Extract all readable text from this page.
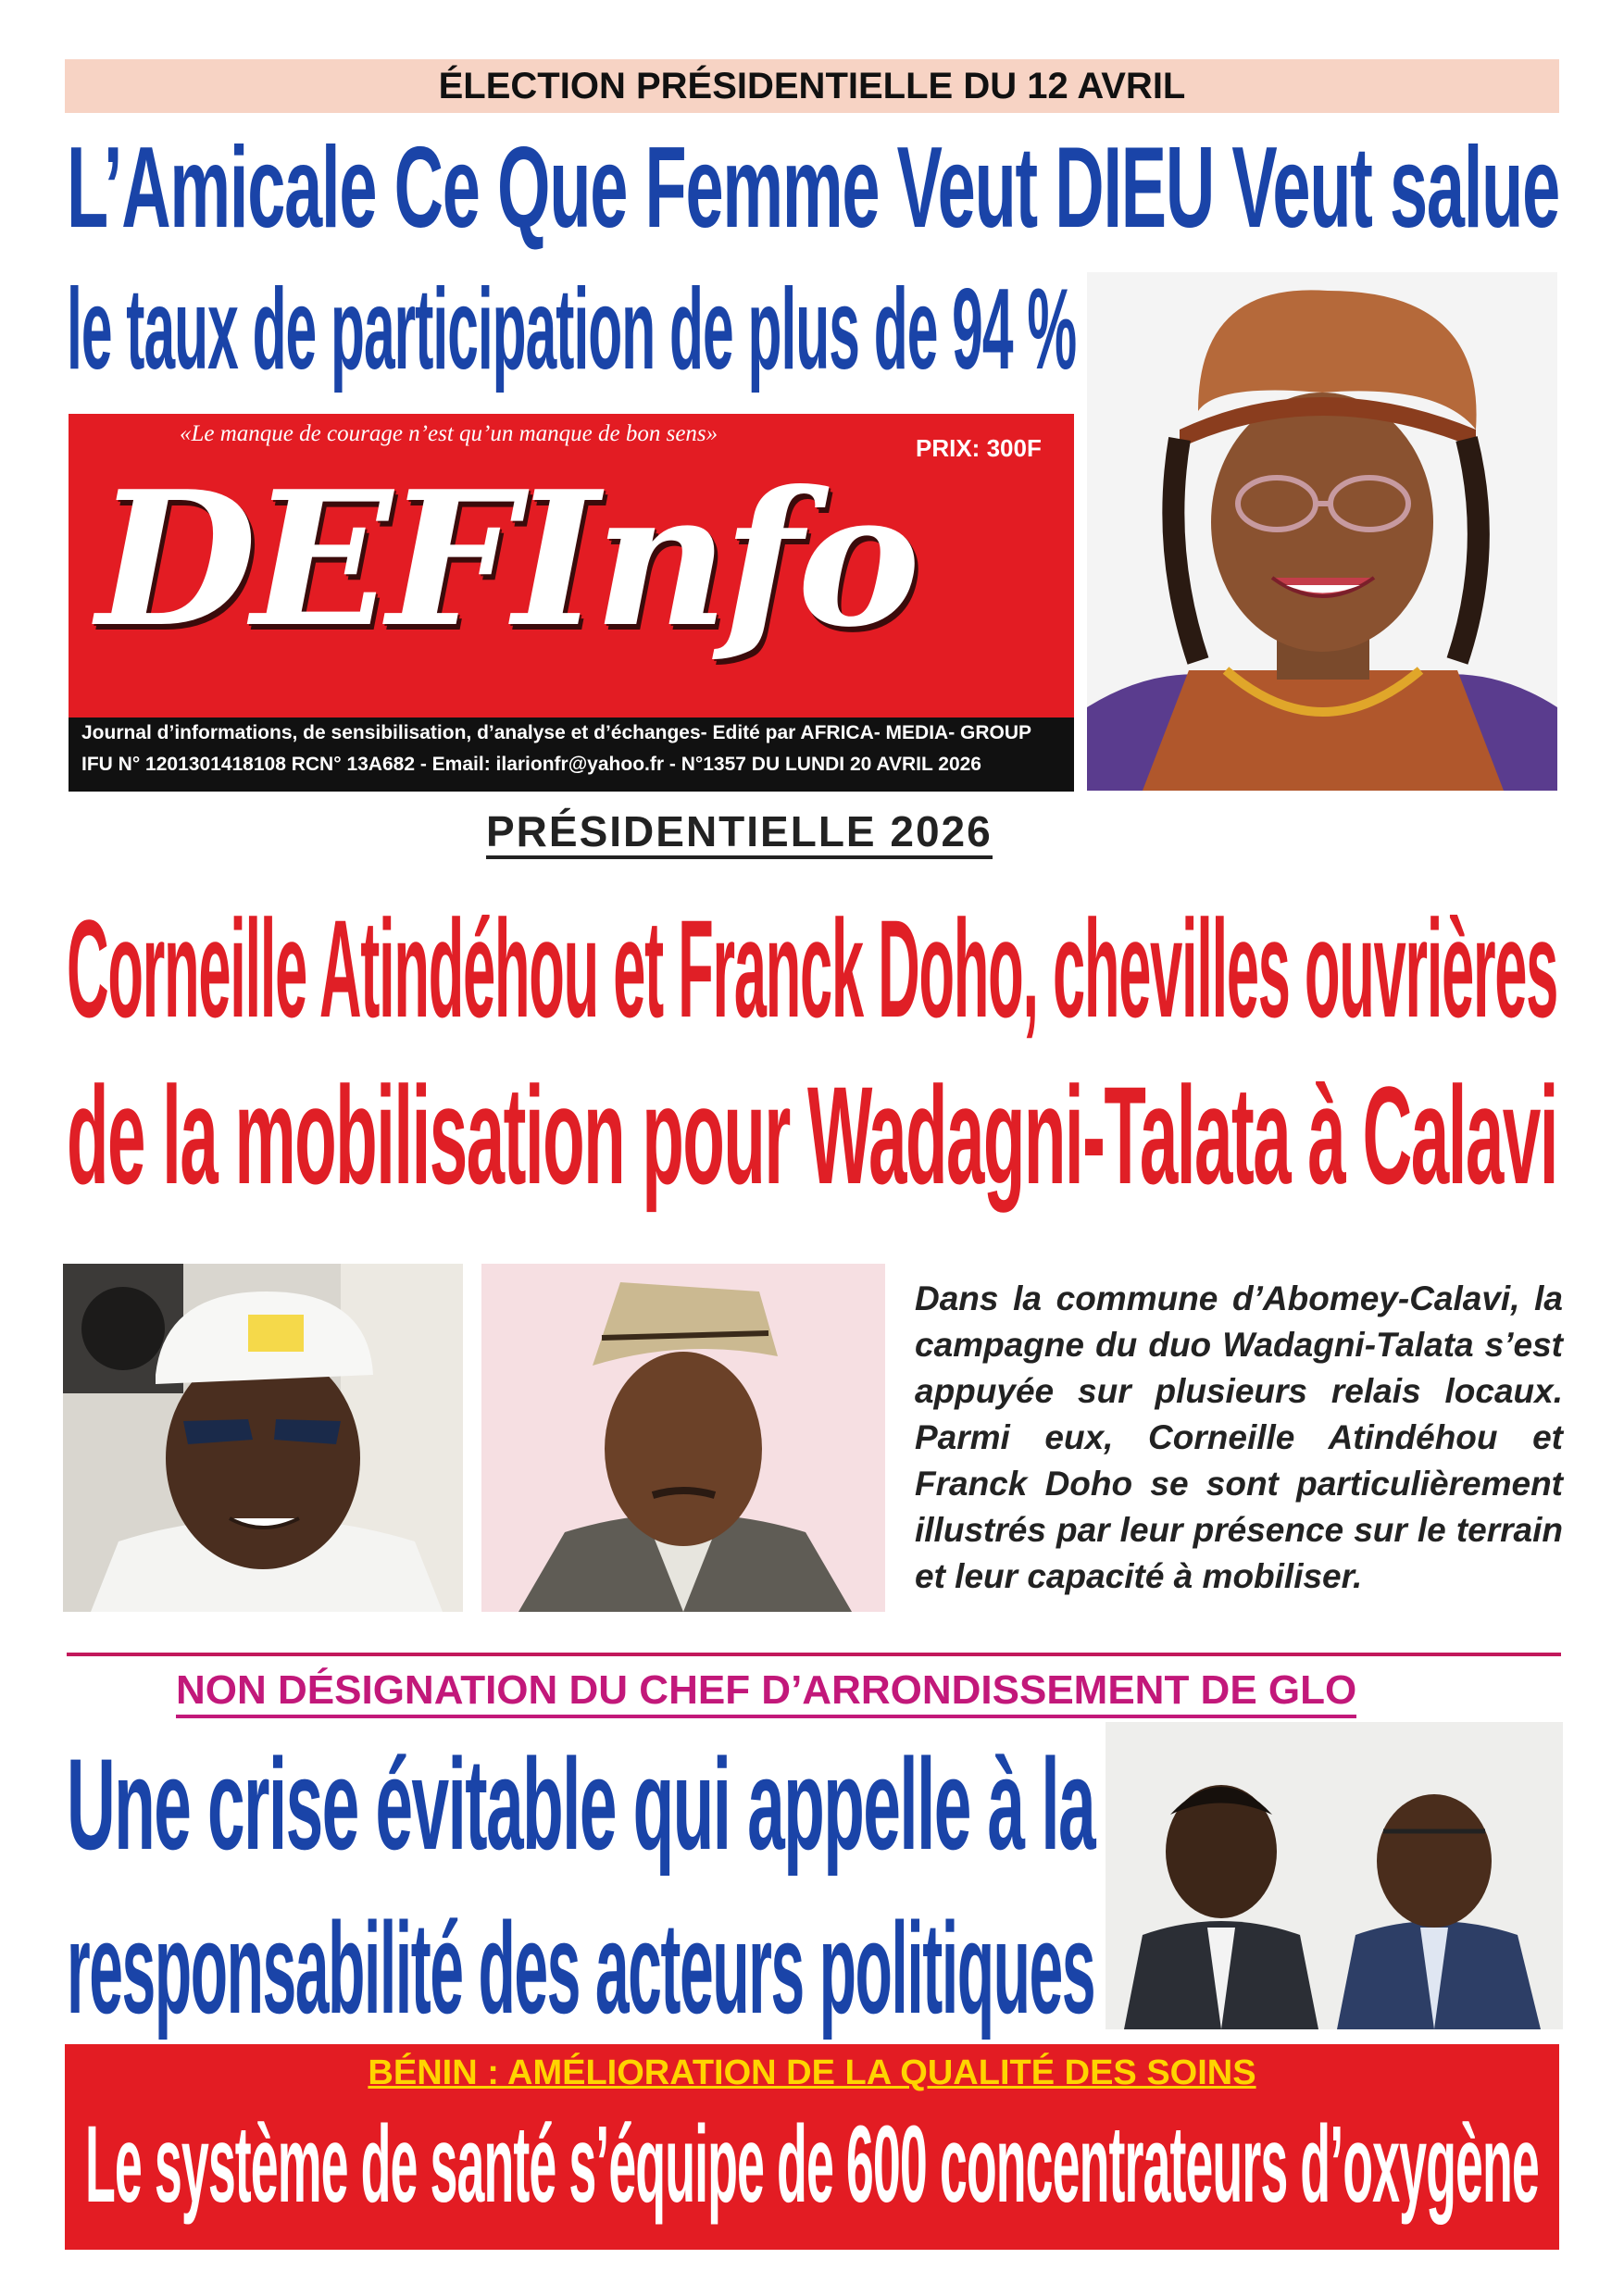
ÉLECTION PRÉSIDENTIELLE DU 12 AVRIL
L’Amicale Ce Que Femme Veut DIEU Veut salue
le taux de participation de plus de 94 %
«Le manque de courage n’est qu’un manque de bon sens»
PRIX: 300F
DEFInfo
Journal d’informations, de sensibilisation, d’analyse et d’échanges- Edité par AFRICA- MEDIA- GROUP
IFU N° 1201301418108 RCN° 13A682 - Email: ilarionfr@yahoo.fr - N°1357 DU LUNDI 20 AVRIL 2026
PRÉSIDENTIELLE 2026
Corneille Atindéhou et Franck Doho, chevilles ouvrières
de la mobilisation pour Wadagni-Talata à Calavi
Dans la commune d’Abomey-Calavi, la campagne du duo Wadagni-Talata s’est appuyée sur plusieurs relais locaux. Parmi eux, Corneille Atindéhou et Franck Doho se sont particulièrement illustrés par leur présence sur le terrain et leur capacité à mobiliser.
NON DÉSIGNATION DU CHEF D’ARRONDISSEMENT DE GLO
Une crise évitable qui appelle à la
responsabilité des acteurs politiques
BÉNIN : AMÉLIORATION DE LA QUALITÉ DES SOINS
Le système de santé s’équipe de 600 concentrateurs d’oxygène
